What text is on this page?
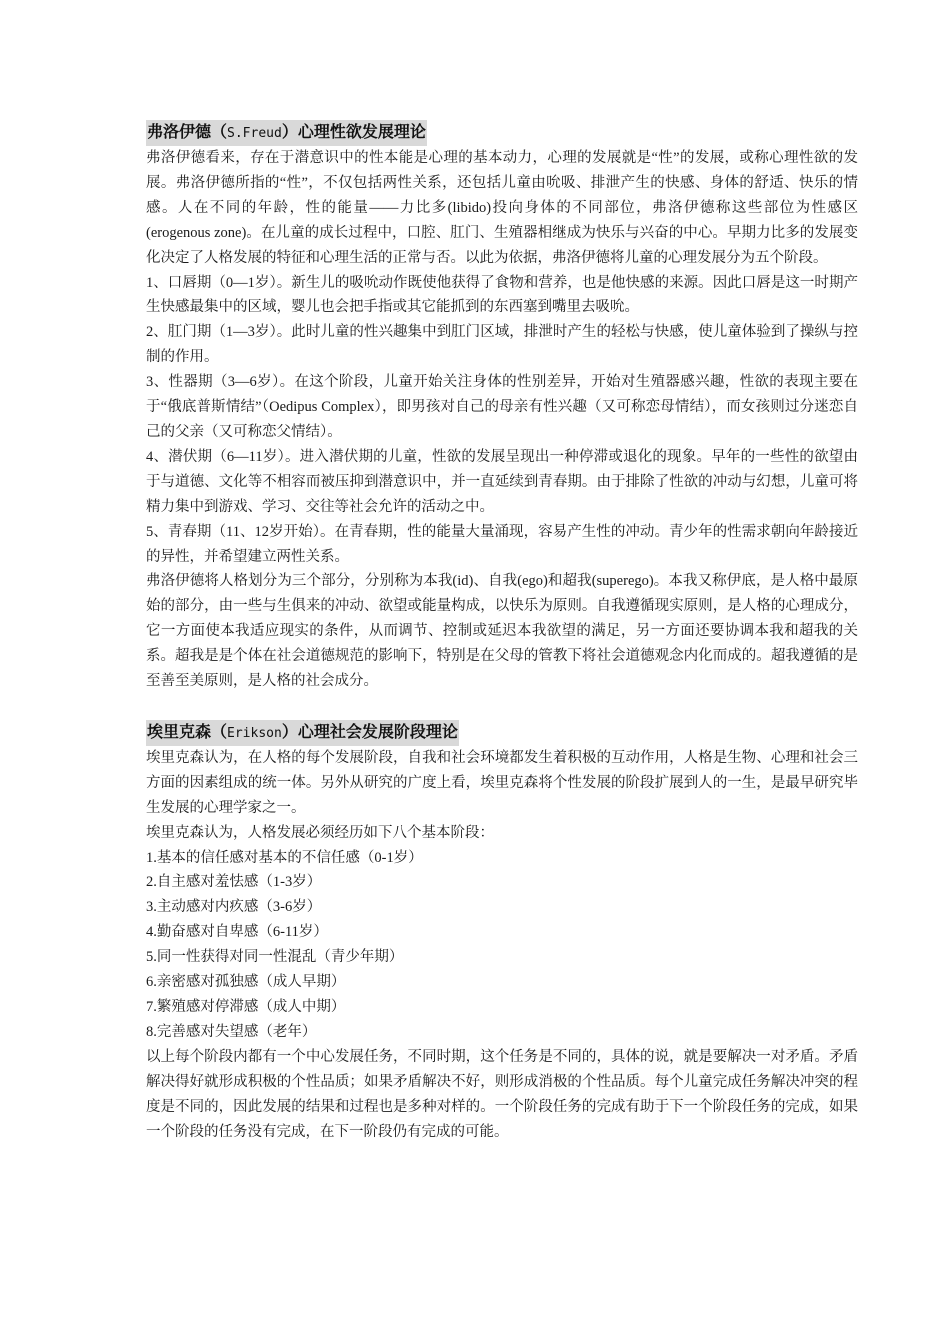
弗洛伊德（S.Freud）心理性欲发展理论

弗洛伊德看来，存在于潜意识中的性本能是心理的基本动力，心理的发展就是“性”的发展，或称心理性欲的发展。弗洛伊德所指的“性”，不仅包括两性关系，还包括儿童由吮吸、排泄产生的快感、身体的舒适、快乐的情感。人在不同的年龄，性的能量——力比多(libido)投向身体的不同部位，弗洛伊德称这些部位为性感区(erogenous zone)。在儿童的成长过程中，口腔、肛门、生殖器相继成为快乐与兴奋的中心。早期力比多的发展变化决定了人格发展的特征和心理生活的正常与否。以此为依据，弗洛伊德将儿童的心理发展分为五个阶段。

1、口唇期（0—1岁）。新生儿的吸吮动作既使他获得了食物和营养，也是他快感的来源。因此口唇是这一时期产生快感最集中的区域，婴儿也会把手指或其它能抓到的东西塞到嘴里去吸吮。

2、肛门期（1—3岁）。此时儿童的性兴趣集中到肛门区域，排泄时产生的轻松与快感，使儿童体验到了操纵与控制的作用。

3、性器期（3—6岁）。在这个阶段，儿童开始关注身体的性别差异，开始对生殖器感兴趣，性欲的表现主要在于“俄底普斯情结”（Oedipus Complex），即男孩对自己的母亲有性兴趣（又可称恋母情结），而女孩则过分迷恋自己的父亲（又可称恋父情结）。

4、潜伏期（6—11岁）。进入潜伏期的儿童，性欲的发展呈现出一种停滞或退化的现象。早年的一些性的欲望由于与道德、文化等不相容而被压抑到潜意识中，并一直延续到青春期。由于排除了性欲的冲动与幻想，儿童可将精力集中到游戏、学习、交往等社会允许的活动之中。

5、青春期（11、12岁开始）。在青春期，性的能量大量涌现，容易产生性的冲动。青少年的性需求朝向年龄接近的异性，并希望建立两性关系。

弗洛伊德将人格划分为三个部分，分别称为本我(id)、自我(ego)和超我(superego)。本我又称伊底，是人格中最原始的部分，由一些与生俱来的冲动、欲望或能量构成，以快乐为原则。自我遵循现实原则，是人格的心理成分，它一方面使本我适应现实的条件，从而调节、控制或延迟本我欲望的满足，另一方面还要协调本我和超我的关系。超我是是个体在社会道德规范的影响下，特别是在父母的管教下将社会道德观念内化而成的。超我遵循的是至善至美原则，是人格的社会成分。

埃里克森（Erikson）心理社会发展阶段理论

埃里克森认为，在人格的每个发展阶段，自我和社会环境都发生着积极的互动作用，人格是生物、心理和社会三方面的因素组成的统一体。另外从研究的广度上看，埃里克森将个性发展的阶段扩展到人的一生，是最早研究毕生发展的心理学家之一。

埃里克森认为，人格发展必须经历如下八个基本阶段：

1.基本的信任感对基本的不信任感（0-1岁）

2.自主感对羞怯感（1-3岁）

3.主动感对内疚感（3-6岁）

4.勤奋感对自卑感（6-11岁）

5.同一性获得对同一性混乱（青少年期）

6.亲密感对孤独感（成人早期）

7.繁殖感对停滞感（成人中期）

8.完善感对失望感（老年）

以上每个阶段内都有一个中心发展任务，不同时期，这个任务是不同的，具体的说，就是要解决一对矛盾。矛盾解决得好就形成积极的个性品质；如果矛盾解决不好，则形成消极的个性品质。每个儿童完成任务解决冲突的程度是不同的，因此发展的结果和过程也是多种对样的。一个阶段任务的完成有助于下一个阶段任务的完成，如果一个阶段的任务没有完成，在下一阶段仍有完成的可能。
